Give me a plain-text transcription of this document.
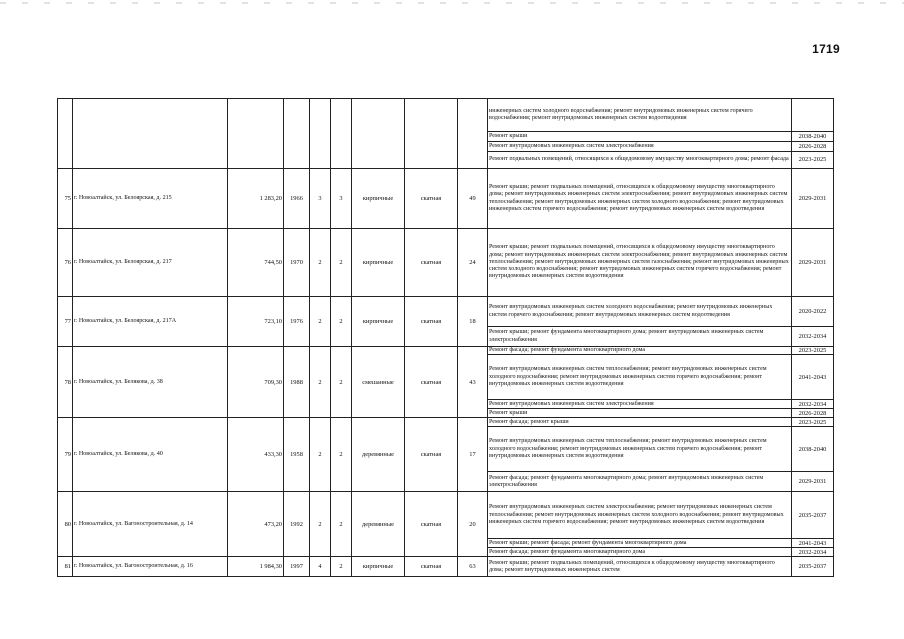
1719
									инженерных систем холодного водоснабжения; ремонт внутридомовых инженерных систем горячего водоснабжения; ремонт внутридомовых инженерных систем водоотведения	
									Ремонт крыши	2038-2040
									Ремонт внутридомовых инженерных систем электроснабжения	2026-2028
									Ремонт подвальных помещений, относящихся к общедомовому имуществу многоквартирного дома; ремонт фасада	2023-2025
75	г. Новоалтайск, ул. Белоярская, д. 215	1 283,20	1966	3	3	кирпичные	скатная	49	Ремонт крыши; ремонт подвальных помещений, относящихся к общедомовому имуществу многоквартирного дома; ремонт внутридомовых инженерных систем электроснабжения; ремонт внутридомовых инженерных систем теплоснабжения; ремонт внутридомовых инженерных систем холодного водоснабжения; ремонт внутридомовых инженерных систем горячего водоснабжения; ремонт внутридомовых инженерных систем водоотведения	2029-2031
76	г. Новоалтайск, ул. Белоярская, д. 217	744,50	1970	2	2	кирпичные	скатная	24	Ремонт крыши; ремонт подвальных помещений, относящихся к общедомовому имуществу многоквартирного дома; ремонт внутридомовых инженерных систем электроснабжения; ремонт внутридомовых инженерных систем теплоснабжения; ремонт внутридомовых инженерных систем газоснабжения; ремонт внутридомовых инженерных систем холодного водоснабжения; ремонт внутридомовых инженерных систем горячего водоснабжения; ремонт внутридомовых инженерных систем водоотведения	2029-2031
77	г. Новоалтайск, ул. Белоярская, д. 217А	723,10	1976	2	2	кирпичные	скатная	18	Ремонт внутридомовых инженерных систем холодного водоснабжения; ремонт внутридомовых инженерных систем горячего водоснабжения; ремонт внутридомовых инженерных систем водоотведения	2020-2022
									Ремонт крыши; ремонт фундамента многоквартирного дома; ремонт внутридомовых инженерных систем электроснабжения	2032-2034
78	г. Новоалтайск, ул. Белякова, д. 38	709,30	1988	2	2	смешанные	скатная	43	Ремонт фасада; ремонт фундамента многоквартирного дома	2023-2025
									Ремонт внутридомовых инженерных систем теплоснабжения; ремонт внутридомовых инженерных систем холодного водоснабжения; ремонт внутридомовых инженерных систем горячего водоснабжения; ремонт внутридомовых инженерных систем водоотведения	2041-2043
									Ремонт внутридомовых инженерных систем электроснабжения	2032-2034
									Ремонт крыши	2026-2028
79	г. Новоалтайск, ул. Белякова, д. 40	433,30	1958	2	2	деревянные	скатная	17	Ремонт фасада; ремонт крыши	2023-2025
									Ремонт внутридомовых инженерных систем теплоснабжения; ремонт внутридомовых инженерных систем холодного водоснабжения; ремонт внутридомовых инженерных систем горячего водоснабжения; ремонт внутридомовых инженерных систем водоотведения	2038-2040
									Ремонт фасада; ремонт фундамента многоквартирного дома; ремонт внутридомовых инженерных систем электроснабжения	2029-2031
80	г. Новоалтайск, ул. Вагоностроительная, д. 14	473,20	1992	2	2	деревянные	скатная	20	Ремонт внутридомовых инженерных систем электроснабжения; ремонт внутридомовых инженерных систем теплоснабжения; ремонт внутридомовых инженерных систем холодного водоснабжения; ремонт внутридомовых инженерных систем горячего водоснабжения; ремонт внутридомовых инженерных систем водоотведения	2035-2037
									Ремонт крыши; ремонт фасада; ремонт фундамента многоквартирного дома	2041-2043
									Ремонт фасада; ремонт фундамента многоквартирного дома	2032-2034
81	г. Новоалтайск, ул. Вагоностроительная, д. 16	1 984,30	1997	4	2	кирпичные	скатная	63	Ремонт крыши; ремонт подвальных помещений, относящихся к общедомовому имуществу многоквартирного дома; ремонт внутридомовых инженерных систем	2035-2037
